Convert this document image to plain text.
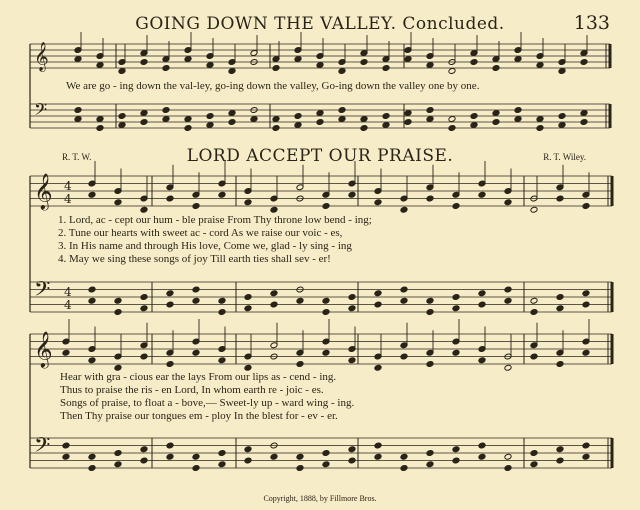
GOING DOWN THE VALLEY. Concluded.	133
We are go - ing down the val-ley, go-ing down the valley, Go-ing down the valley one by one.
LORD ACCEPT OUR PRAISE.
R. T. W.	R. T. Wiley.
1. Lord, ac - cept our hum - ble praise From Thy throne low bend - ing;
2. Tune our hearts with sweet ac - cord As we raise our voic - es,
3. In His name and through His love, Come we, glad - ly sing - ing
4. May we sing these songs of joy Till earth ties shall sev - er!
Hear with gra - cious ear the lays From our lips as - cend - ing.
Thus to praise the ris - en Lord, In whom earth re - joic - es.
Songs of praise, to float a - bove,— Sweet-ly up - ward wing - ing.
Then Thy praise our tongues em - ploy In the blest for - ev - er.
Copyright, 1888, by Fillmore Bros.
𝄞
𝄢
𝄞
𝄢
4
4
4
4
𝄞
𝄢
